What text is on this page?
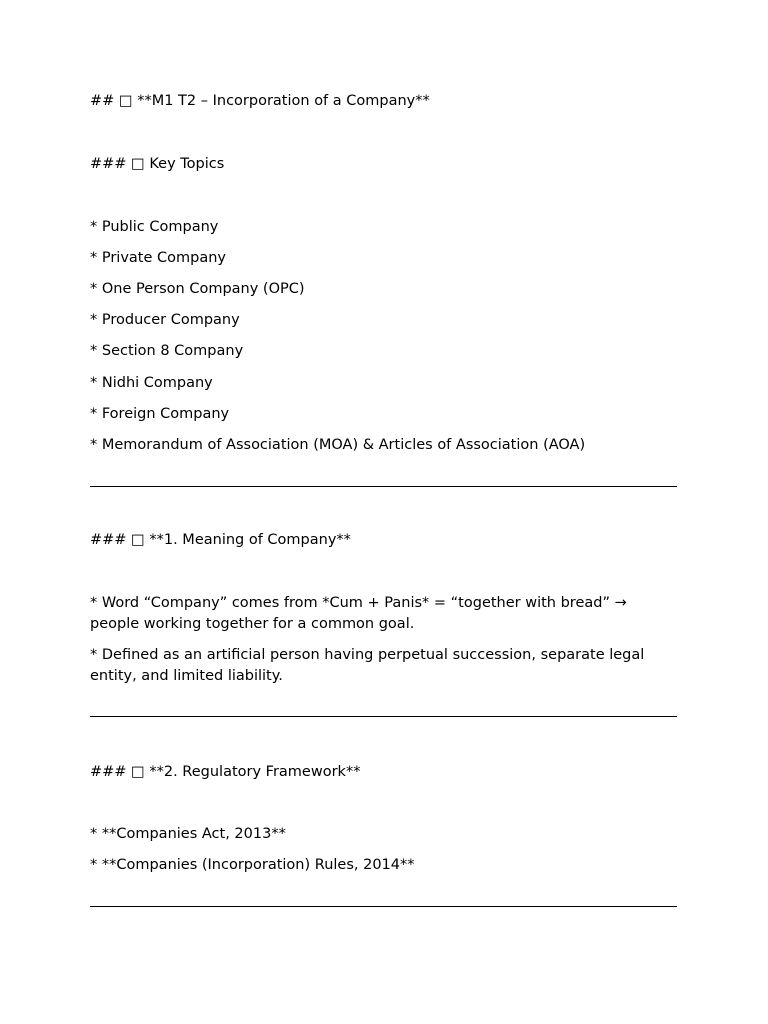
## □ **M1 T2 – Incorporation of a Company**
### □ Key Topics
* Public Company
* Private Company
* One Person Company (OPC)
* Producer Company
* Section 8 Company
* Nidhi Company
* Foreign Company
* Memorandum of Association (MOA) & Articles of Association (AOA)
### □ **1. Meaning of Company**
* Word “Company” comes from *Cum + Panis* = “together with bread” → people working together for a common goal.
* Defined as an artificial person having perpetual succession, separate legal entity, and limited liability.
### □ **2. Regulatory Framework**
* **Companies Act, 2013**
* **Companies (Incorporation) Rules, 2014**
